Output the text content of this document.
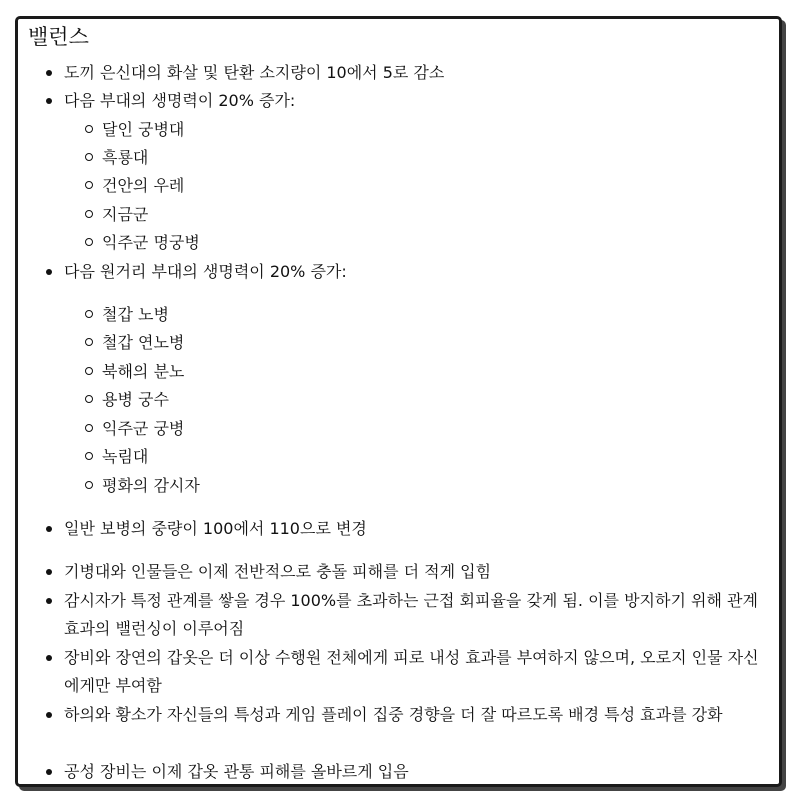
밸런스
도끼 은신대의 화살 및 탄환 소지량이 10에서 5로 감소
다음 부대의 생명력이 20% 증가:
달인 궁병대
흑룡대
건안의 우레
지금군
익주군 명궁병
다음 원거리 부대의 생명력이 20% 증가:
철갑 노병
철갑 연노병
북해의 분노
용병 궁수
익주군 궁병
녹림대
평화의 감시자
일반 보병의 중량이 100에서 110으로 변경
기병대와 인물들은 이제 전반적으로 충돌 피해를 더 적게 입힘
감시자가 특정 관계를 쌓을 경우 100%를 초과하는 근접 회피율을 갖게 됨. 이를 방지하기 위해 관계 효과의 밸런싱이 이루어짐
장비와 장연의 갑옷은 더 이상 수행원 전체에게 피로 내성 효과를 부여하지 않으며, 오로지 인물 자신에게만 부여함
하의와 황소가 자신들의 특성과 게임 플레이 집중 경향을 더 잘 따르도록 배경 특성 효과를 강화
공성 장비는 이제 갑옷 관통 피해를 올바르게 입음
